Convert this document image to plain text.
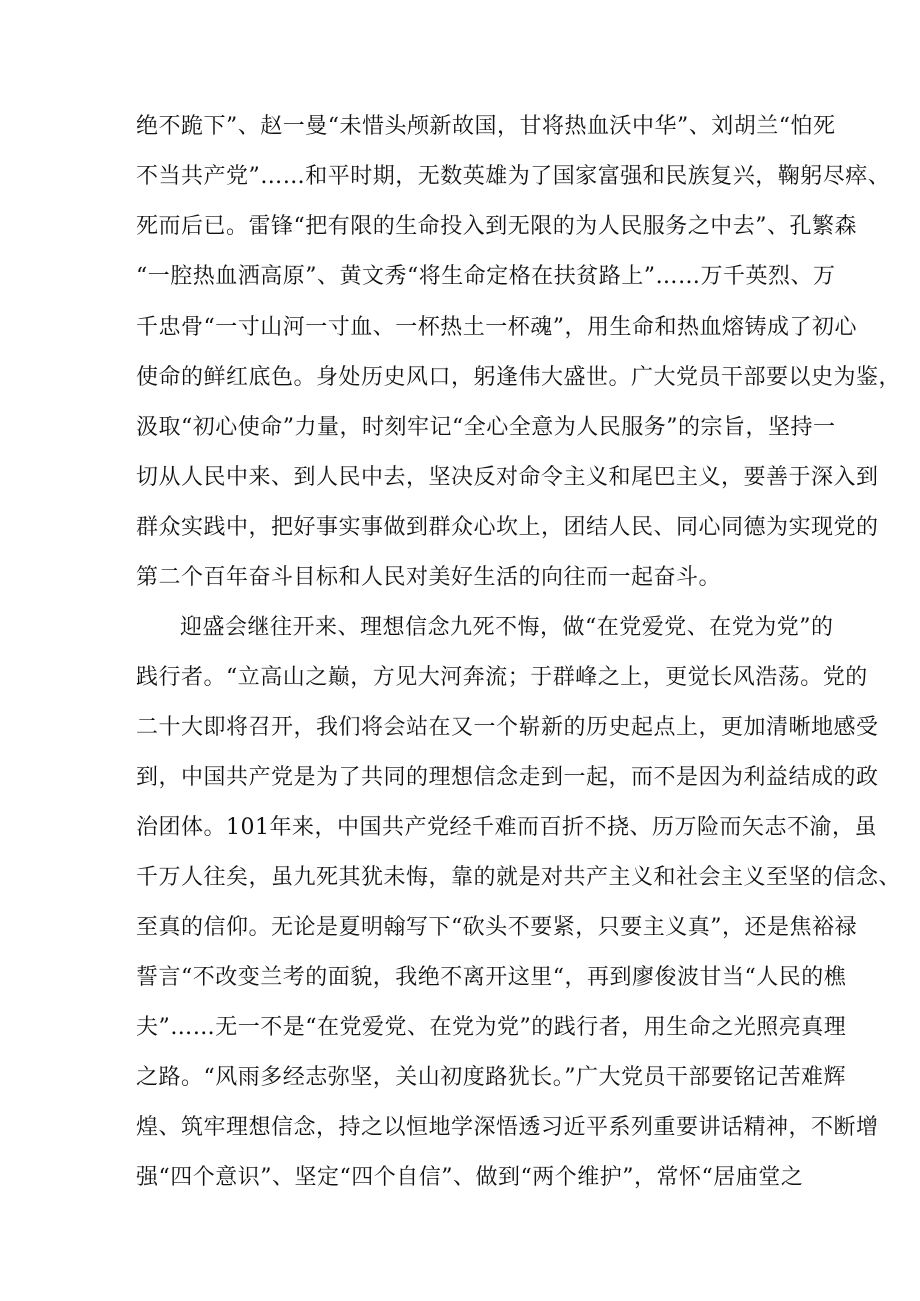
绝不跪下”、赵一曼“未惜头颅新故国，甘将热血沃中华”、刘胡兰“怕死
不当共产党”……和平时期，无数英雄为了国家富强和民族复兴，鞠躬尽瘁、
死而后已。雷锋“把有限的生命投入到无限的为人民服务之中去”、孔繁森
“一腔热血洒高原”、黄文秀“将生命定格在扶贫路上”……万千英烈、万
千忠骨“一寸山河一寸血、一杯热土一杯魂”，用生命和热血熔铸成了初心
使命的鲜红底色。身处历史风口，躬逢伟大盛世。广大党员干部要以史为鉴，
汲取“初心使命”力量，时刻牢记“全心全意为人民服务”的宗旨，坚持一
切从人民中来、到人民中去，坚决反对命令主义和尾巴主义，要善于深入到
群众实践中，把好事实事做到群众心坎上，团结人民、同心同德为实现党的
第二个百年奋斗目标和人民对美好生活的向往而一起奋斗。
迎盛会继往开来、理想信念九死不悔，做“在党爱党、在党为党”的
践行者。“立高山之巅，方见大河奔流；于群峰之上，更觉长风浩荡。党的
二十大即将召开，我们将会站在又一个崭新的历史起点上，更加清晰地感受
到，中国共产党是为了共同的理想信念走到一起，而不是因为利益结成的政
治团体。101年来，中国共产党经千难而百折不挠、历万险而矢志不渝，虽
千万人往矣，虽九死其犹未悔，靠的就是对共产主义和社会主义至坚的信念、
至真的信仰。无论是夏明翰写下“砍头不要紧，只要主义真”，还是焦裕禄
誓言“不改变兰考的面貌，我绝不离开这里“，再到廖俊波甘当“人民的樵
夫”……无一不是“在党爱党、在党为党”的践行者，用生命之光照亮真理
之路。“风雨多经志弥坚，关山初度路犹长。”广大党员干部要铭记苦难辉
煌、筑牢理想信念，持之以恒地学深悟透习近平系列重要讲话精神，不断增
强“四个意识”、坚定“四个自信”、做到“两个维护”，常怀“居庙堂之
